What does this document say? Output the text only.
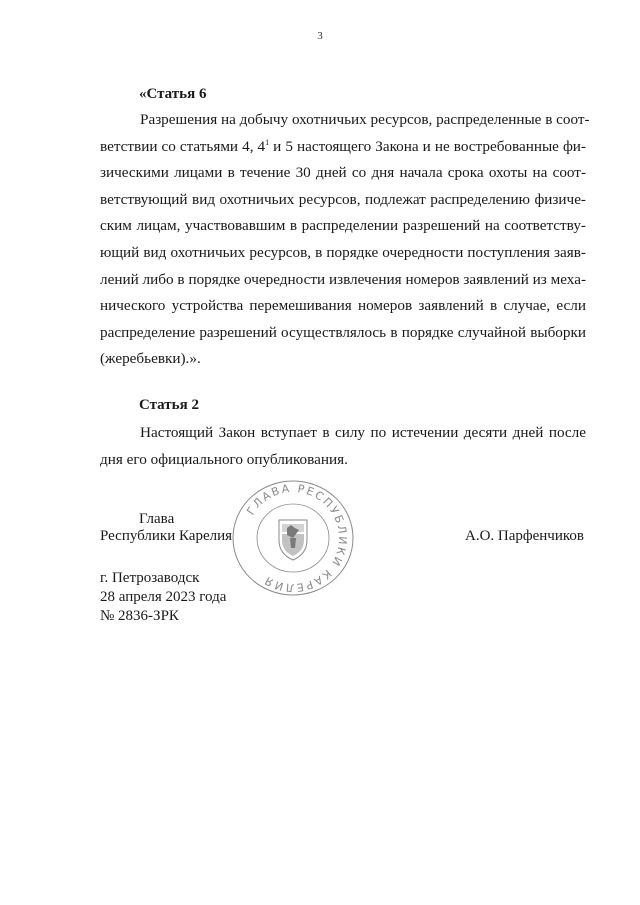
3
«Статья 6
Разрешения на добычу охотничьих ресурсов, распределенные в соот-
ветствии со статьями 4, $4^1$ и 5 настоящего Закона и не востребованные фи-
зическими лицами в течение 30 дней со дня начала срока охоты на соот-
ветствующий вид охотничьих ресурсов, подлежат распределению физиче-
ским лицам, участвовавшим в распределении разрешений на соответству-
ющий вид охотничьих ресурсов, в порядке очередности поступления заяв-
лений либо в порядке очередности извлечения номеров заявлений из меха-
нического устройства перемешивания номеров заявлений в случае, если
распределение разрешений осуществлялось в порядке случайной выборки
(жеребьевки).».
Статья 2
Настоящий Закон вступает в силу по истечении десяти дней после
дня его официального опубликования.
Глава
Республики Карелия	А.О. Парфенчиков
ГЛАВА РЕСПУБЛИКИ КАРЕЛИЯ
г. Петрозаводск
28 апреля 2023 года
№ 2836-ЗРК
